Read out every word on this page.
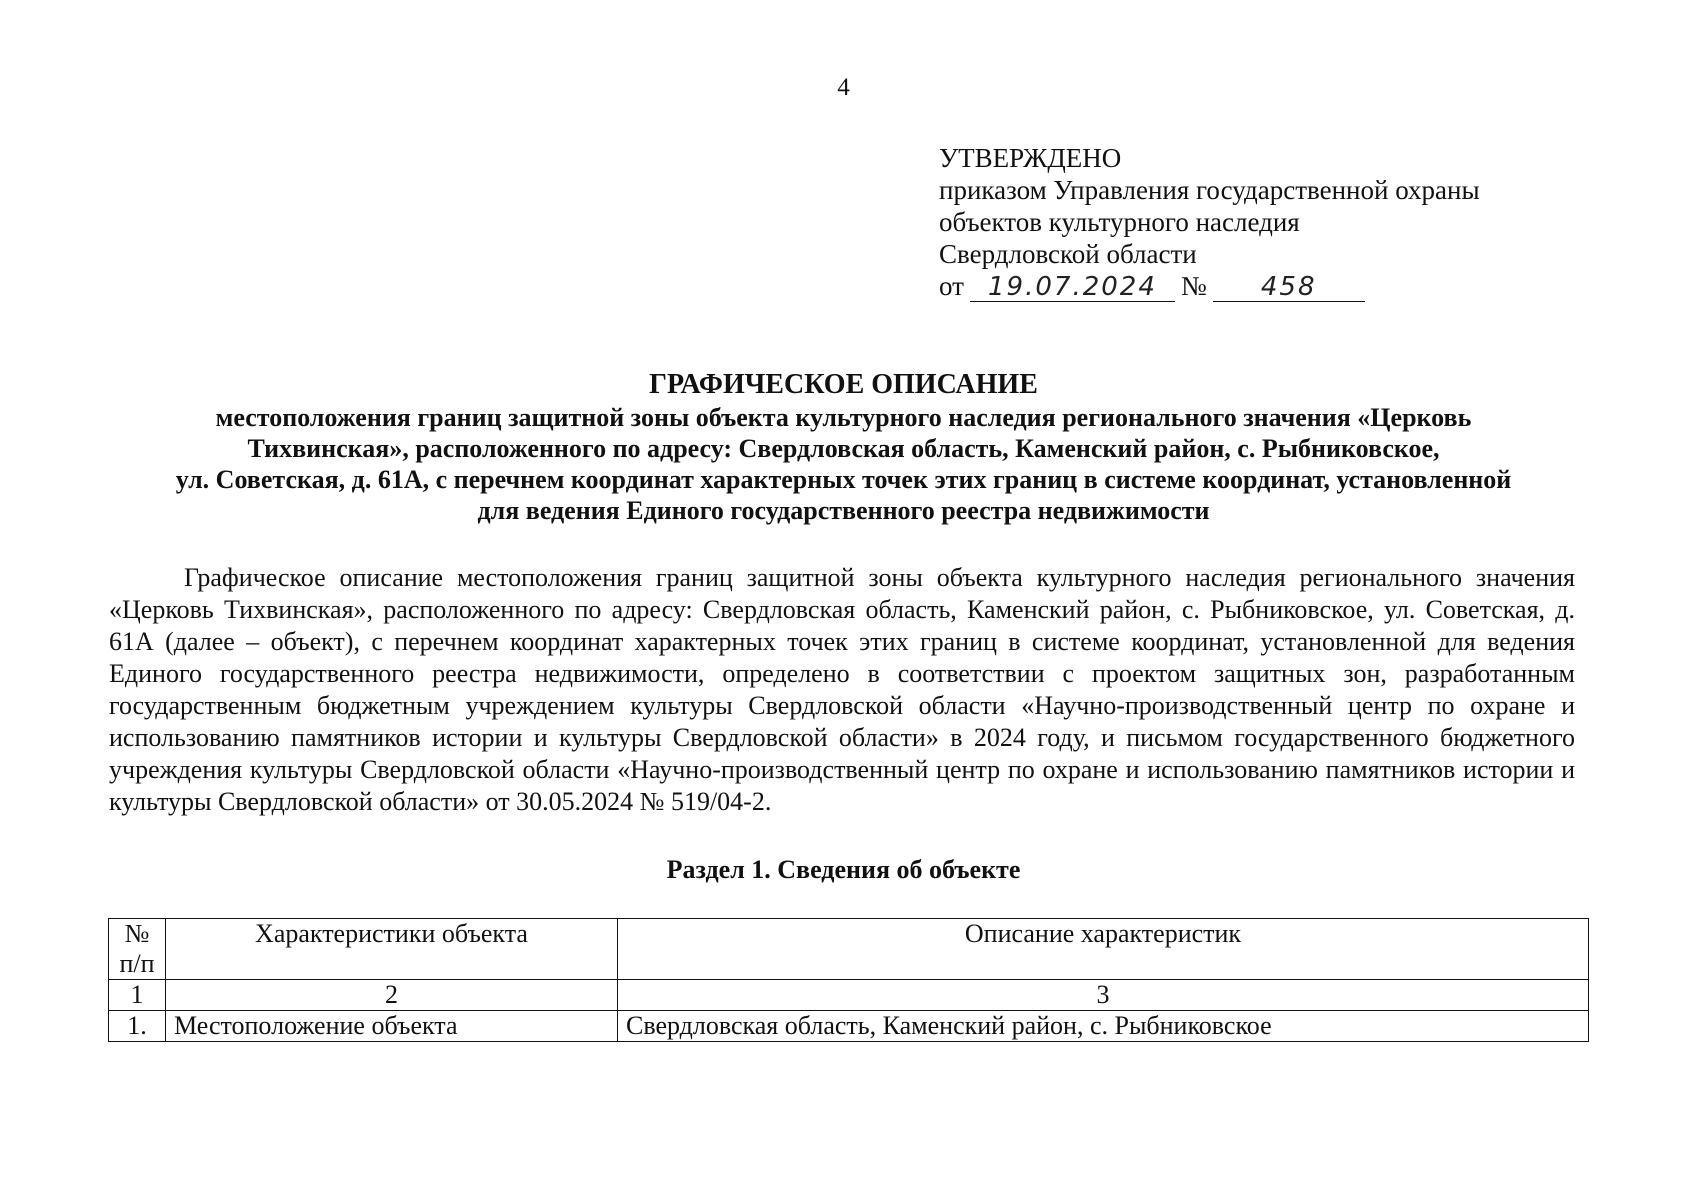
4
УТВЕРЖДЕНО
приказом Управления государственной охраны
объектов культурного наследия
Свердловской области
от 19.07.2024 № 458
ГРАФИЧЕСКОЕ ОПИСАНИЕ
местоположения границ защитной зоны объекта культурного наследия регионального значения «Церковь
Тихвинская», расположенного по адресу: Свердловская область, Каменский район, с. Рыбниковское,
ул. Советская, д. 61А, с перечнем координат характерных точек этих границ в системе координат, установленной
для ведения Единого государственного реестра недвижимости
Графическое описание местоположения границ защитной зоны объекта культурного наследия регионального значения «Церковь Тихвинская», расположенного по адресу: Свердловская область, Каменский район, с. Рыбниковское, ул. Советская, д. 61А (далее – объект), с перечнем координат характерных точек этих границ в системе координат, установленной для ведения Единого государственного реестра недвижимости, определено в соответствии с проектом защитных зон, разработанным государственным бюджетным учреждением культуры Свердловской области «Научно-производственный центр по охране и использованию памятников истории и культуры Свердловской области» в 2024 году, и письмом государственного бюджетного учреждения культуры Свердловской области «Научно-производственный центр по охране и использованию памятников истории и культуры Свердловской области» от 30.05.2024 № 519/04-2.
Раздел 1. Сведения об объекте
№
п/п	Характеристики объекта	Описание характеристик
1	2	3
1.	Местоположение объекта	Свердловская область, Каменский район, с. Рыбниковское
